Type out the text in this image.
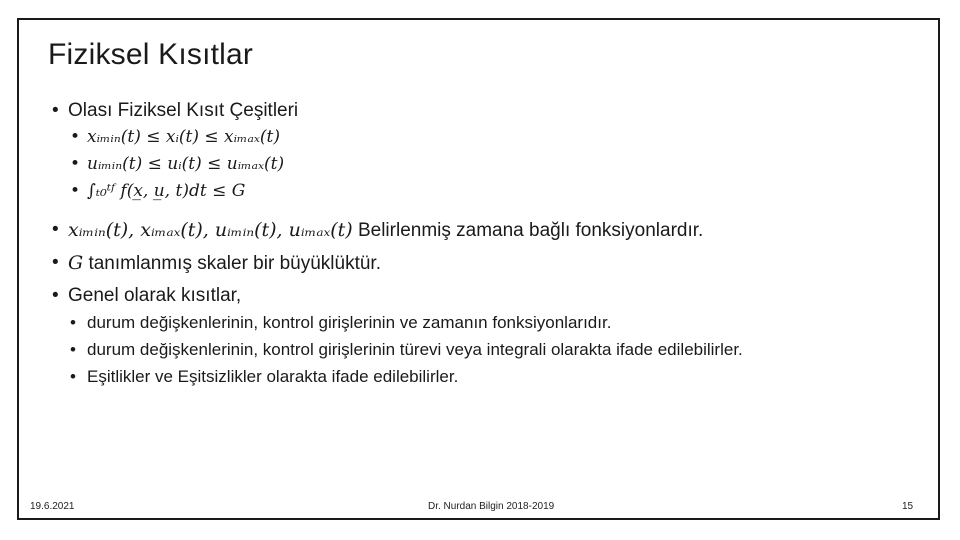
Fiziksel Kısıtlar
• Olası Fiziksel Kısıt Çeşitleri
• xᵢₘᵢₙ(t) ≤ xᵢ(t) ≤ xᵢₘₐₓ(t)
• uᵢₘᵢₙ(t) ≤ uᵢ(t) ≤ uᵢₘₐₓ(t)
• ∫ₜ₀ᵗᶠ f(x̲, u̲, t)dt ≤ G
• xᵢₘᵢₙ(t), xᵢₘₐₓ(t), uᵢₘᵢₙ(t), uᵢₘₐₓ(t) Belirlenmiş zamana bağlı fonksiyonlardır.
• G tanımlanmış skaler bir büyüklüktür.
• Genel olarak kısıtlar,
• durum değişkenlerinin, kontrol girişlerinin ve zamanın fonksiyonlarıdır.
• durum değişkenlerinin, kontrol girişlerinin türevi veya integrali olarakta ifade edilebilirler.
• Eşitlikler ve Eşitsizlikler olarakta ifade edilebilirler.
19.6.2021	Dr. Nurdan Bilgin 2018-2019	15
